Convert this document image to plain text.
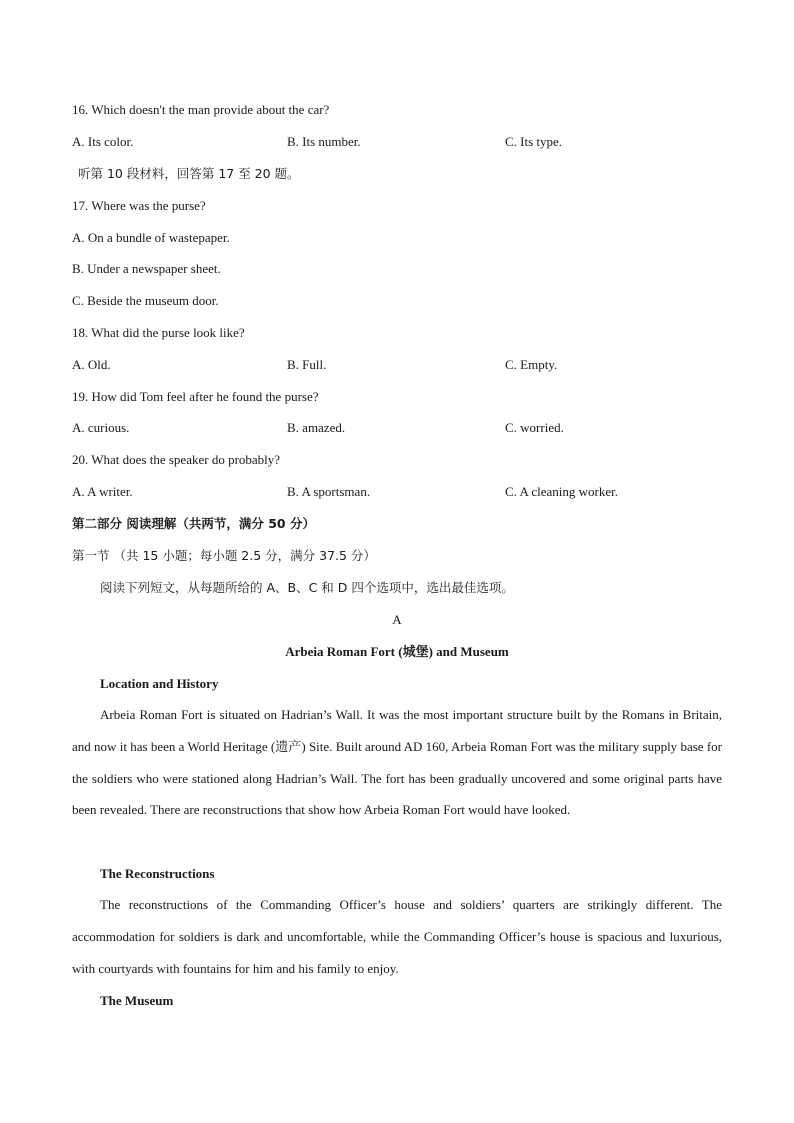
16. Which doesn't the man provide about the car?
A. Its color.	B. Its number.	C. Its type.
听第 10 段材料，回答第 17 至 20 题。
17. Where was the purse?
A. On a bundle of wastepaper.
B. Under a newspaper sheet.
C. Beside the museum door.
18. What did the purse look like?
A. Old.	B. Full.	C. Empty.
19. How did Tom feel after he found the purse?
A. curious.	B. amazed.	C. worried.
20. What does the speaker do probably?
A. A writer.	B. A sportsman.	C. A cleaning worker.
第二部分 阅读理解（共两节，满分 50 分）
第一节 （共 15 小题；每小题 2.5 分，满分 37.5 分）
阅读下列短文，从每题所给的 A、B、C 和 D 四个选项中，选出最佳选项。
A
Arbeia Roman Fort (城堡) and Museum
Location and History
Arbeia Roman Fort is situated on Hadrian’s Wall. It was the most important structure built by the Romans in Britain, and now it has been a World Heritage (遗产) Site. Built around AD 160, Arbeia Roman Fort was the military supply base for the soldiers who were stationed along Hadrian’s Wall. The fort has been gradually uncovered and some original parts have been revealed. There are reconstructions that show how Arbeia Roman Fort would have looked.
The Reconstructions
The reconstructions of the Commanding Officer’s house and soldiers’ quarters are strikingly different. The accommodation for soldiers is dark and uncomfortable, while the Commanding Officer’s house is spacious and luxurious, with courtyards with fountains for him and his family to enjoy.
The Museum
